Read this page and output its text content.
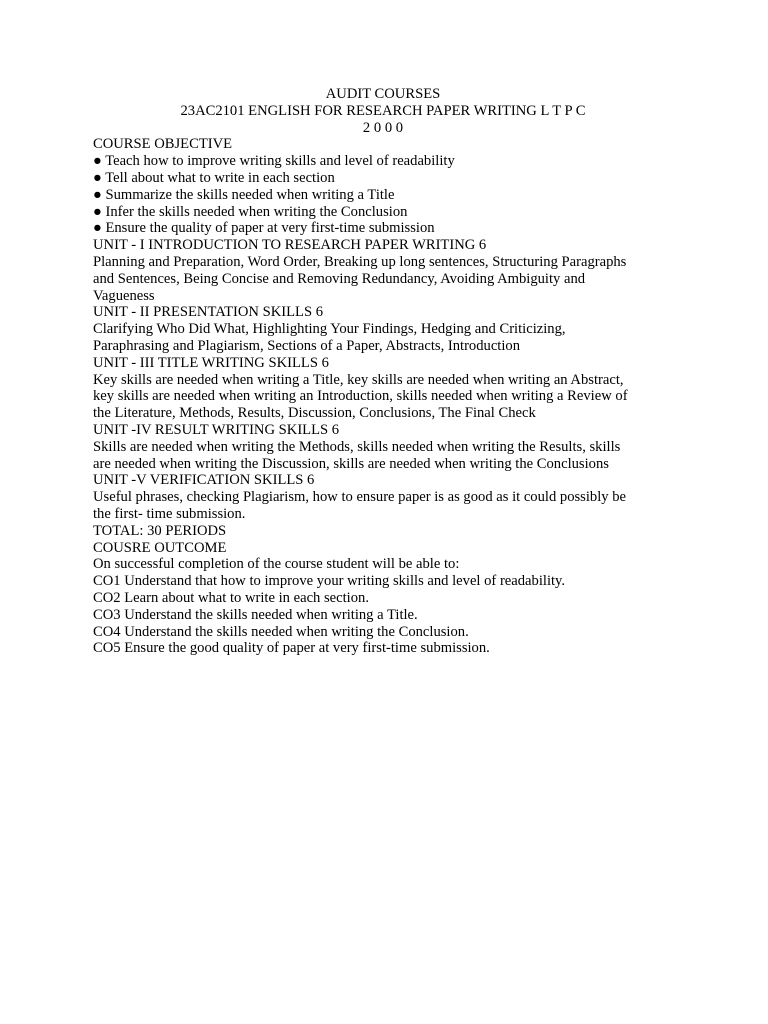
AUDIT COURSES
23AC2101 ENGLISH FOR RESEARCH PAPER WRITING L T P C
2 0 0 0
COURSE OBJECTIVE
● Teach how to improve writing skills and level of readability
● Tell about what to write in each section
● Summarize the skills needed when writing a Title
● Infer the skills needed when writing the Conclusion
● Ensure the quality of paper at very first-time submission
UNIT - I INTRODUCTION TO RESEARCH PAPER WRITING 6
Planning and Preparation, Word Order, Breaking up long sentences, Structuring Paragraphs
and Sentences, Being Concise and Removing Redundancy, Avoiding Ambiguity and
Vagueness
UNIT - II PRESENTATION SKILLS 6
Clarifying Who Did What, Highlighting Your Findings, Hedging and Criticizing,
Paraphrasing and Plagiarism, Sections of a Paper, Abstracts, Introduction
UNIT - III TITLE WRITING SKILLS 6
Key skills are needed when writing a Title, key skills are needed when writing an Abstract,
key skills are needed when writing an Introduction, skills needed when writing a Review of
the Literature, Methods, Results, Discussion, Conclusions, The Final Check
UNIT -IV RESULT WRITING SKILLS 6
Skills are needed when writing the Methods, skills needed when writing the Results, skills
are needed when writing the Discussion, skills are needed when writing the Conclusions
UNIT -V VERIFICATION SKILLS 6
Useful phrases, checking Plagiarism, how to ensure paper is as good as it could possibly be
the first- time submission.
TOTAL: 30 PERIODS
COUSRE OUTCOME
On successful completion of the course student will be able to:
CO1 Understand that how to improve your writing skills and level of readability.
CO2 Learn about what to write in each section.
CO3 Understand the skills needed when writing a Title.
CO4 Understand the skills needed when writing the Conclusion.
CO5 Ensure the good quality of paper at very first-time submission.
